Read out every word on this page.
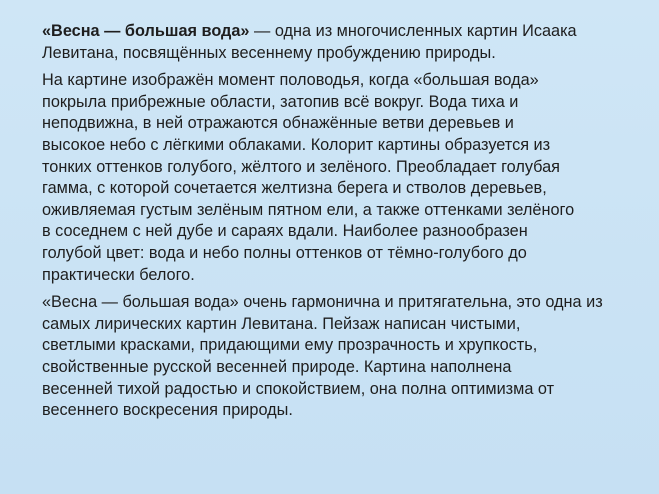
«Весна — большая вода» — одна из многочисленных картин Исаака
Левитана, посвящённых весеннему пробуждению природы.

На картине изображён момент половодья, когда «большая вода»
покрыла прибрежные области, затопив всё вокруг. Вода тиха и
неподвижна, в ней отражаются обнажённые ветви деревьев и
высокое небо с лёгкими облаками. Колорит картины образуется из
тонких оттенков голубого, жёлтого и зелёного. Преобладает голубая
гамма, с которой сочетается желтизна берега и стволов деревьев,
оживляемая густым зелёным пятном ели, а также оттенками зелёного
в соседнем с ней дубе и сараях вдали. Наиболее разнообразен
голубой цвет: вода и небо полны оттенков от тёмно-голубого до
практически белого.

«Весна — большая вода» очень гармонична и притягательна, это одна из
самых лирических картин Левитана. Пейзаж написан чистыми,
светлыми красками, придающими ему прозрачность и хрупкость,
свойственные русской весенней природе. Картина наполнена
весенней тихой радостью и спокойствием, она полна оптимизма от
весеннего воскресения природы.
